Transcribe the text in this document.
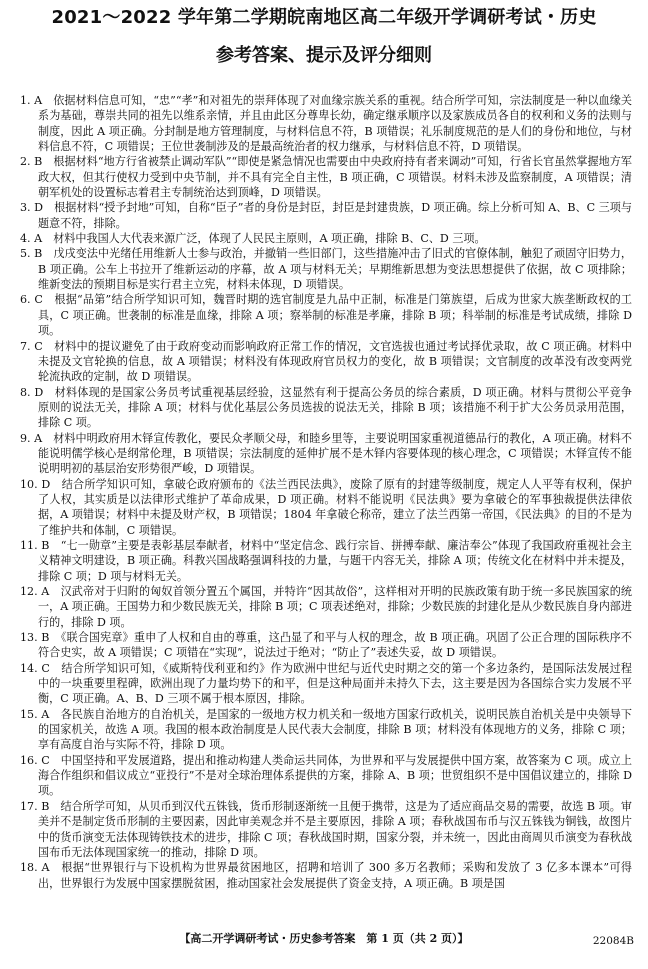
2021～2022 学年第二学期皖南地区高二年级开学调研考试・历史
参考答案、提示及评分细则

1. A　依据材料信息可知，“忠”“孝”和对祖先的崇拜体现了对血缘宗族关系的重视。结合所学可知，宗法制度是一种以血缘关系为基础，尊崇共同的祖先以维系亲情，并且由此区分尊卑长幼，确定继承顺序以及家族成员各自的权利和义务的法则与制度，因此 A 项正确。分封制是地方管理制度，与材料信息不符，B 项错误；礼乐制度规范的是人们的身份和地位，与材料信息不符，C 项错误；王位世袭制涉及的是最高统治者的权力继承，与材料信息不符，D 项错误。

2. B　根据材料“地方行省被禁止调动军队”“即使是紧急情况也需要由中央政府持有者来调动”可知，行省长官虽然掌握地方军政大权，但其行使权力受到中央节制，并不具有完全自主性，B 项正确，C 项错误。材料未涉及监察制度，A 项错误；清朝军机处的设置标志着君主专制统治达到顶峰，D 项错误。

3. D　根据材料“授予封地”可知，自称“臣子”者的身份是封臣，封臣是封建贵族，D 项正确。综上分析可知 A、B、C 三项与题意不符，排除。

4. A　材料中我国人大代表来源广泛，体现了人民民主原则，A 项正确，排除 B、C、D 三项。

5. B　戊戌变法中光绪任用维新人士参与政治，并撤销一些旧部门，这些措施冲击了旧式的官僚体制，触犯了顽固守旧势力，B 项正确。公车上书拉开了维新运动的序幕，故 A 项与材料无关；早期维新思想为变法思想提供了依据，故 C 项排除；维新变法的预期目标是实行君主立宪，材料未体现，D 项错误。

6. C　根据“品第”结合所学知识可知，魏晋时期的选官制度是九品中正制，标准是门第族望，后成为世家大族垄断政权的工具，C 项正确。世袭制的标准是血缘，排除 A 项；察举制的标准是孝廉，排除 B 项；科举制的标准是考试成绩，排除 D 项。

7. C　材料中的提议避免了由于政府变动而影响政府正常工作的情况，文官选拔也通过考试择优录取，故 C 项正确。材料中未提及文官轮换的信息，故 A 项错误；材料没有体现政府官员权力的变化，故 B 项错误；文官制度的改革没有改变两党轮流执政的定制，故 D 项错误。

8. D　材料体现的是国家公务员考试重视基层经验，这显然有利于提高公务员的综合素质，D 项正确。材料与贯彻公平竞争原则的说法无关，排除 A 项；材料与优化基层公务员选拔的说法无关，排除 B 项；该措施不利于扩大公务员录用范围，排除 C 项。

9. A　材料中明政府用木铎宣传教化，要民众孝顺父母，和睦乡里等，主要说明国家重视道德品行的教化，A 项正确。材料不能说明儒学核心是纲常伦理，B 项错误；宗法制度的延伸扩展不是木铎内容要体现的核心理念，C 项错误；木铎宣传不能说明明初的基层治安形势很严峻，D 项错误。

10. D　结合所学知识可知，拿破仑政府颁布的《法兰西民法典》，废除了原有的封建等级制度，规定人人平等有权利，保护了人权，其实质是以法律形式维护了革命成果，D 项正确。材料不能说明《民法典》要为拿破仑的军事独裁提供法律依据，A 项错误；材料中未提及财产权，B 项错误；1804 年拿破仑称帝，建立了法兰西第一帝国，《民法典》的目的不是为了维护共和体制，C 项错误。

11. B　“七一勋章”主要是表彰基层奉献者，材料中“坚定信念、践行宗旨、拼搏奉献、廉洁奉公”体现了我国政府重视社会主义精神文明建设，B 项正确。科教兴国战略强调科技的力量，与题干内容无关，排除 A 项；传统文化在材料中并未提及，排除 C 项；D 项与材料无关。

12. A　汉武帝对于归附的匈奴首领分置五个属国，并特许“因其故俗”，这样相对开明的民族政策有助于统一多民族国家的统一，A 项正确。王国势力和少数民族无关，排除 B 项；C 项表述绝对，排除；少数民族的封建化是从少数民族自身内部进行的，排除 D 项。

13. B　《联合国宪章》重申了人权和自由的尊重，这凸显了和平与人权的理念，故 B 项正确。巩固了公正合理的国际秩序不符合史实，故 A 项错误；C 项错在“实现”，说法过于绝对；“防止了”表述失妥，故 D 项错误。

14. C　结合所学知识可知，《威斯特伐利亚和约》作为欧洲中世纪与近代史时期之交的第一个多边条约，是国际法发展过程中的一块重要里程碑，欧洲出现了力量均势下的和平，但是这种局面并未持久下去，这主要是因为各国综合实力发展不平衡，C 项正确。A、B、D 三项不属于根本原因，排除。

15. A　各民族自治地方的自治机关，是国家的一级地方权力机关和一级地方国家行政机关，说明民族自治机关是中央领导下的国家机关，故选 A 项。我国的根本政治制度是人民代表大会制度，排除 B 项；材料没有体现地方的义务，排除 C 项；享有高度自治与实际不符，排除 D 项。

16. C　中国坚持和平发展道路，提出和推动构建人类命运共同体，为世界和平与发展提供中国方案，故答案为 C 项。成立上海合作组织和倡议成立“亚投行”不是对全球治理体系提供的方案，排除 A、B 项；世贸组织不是中国倡议建立的，排除 D 项。

17. B　结合所学可知，从贝币到汉代五铢钱，货币形制逐渐统一且便于携带，这是为了适应商品交易的需要，故选 B 项。审美并不是制定货币形制的主要因素，因此审美观念并不是主要原因，排除 A 项；春秋战国布币与汉五铢钱为铜钱，故图片中的货币演变无法体现铸铁技术的进步，排除 C 项；春秋战国时期，国家分裂，并未统一，因此由商周贝币演变为春秋战国布币无法体现国家统一的推动，排除 D 项。

18. A　根据“世界银行与下设机构为世界最贫困地区，招聘和培训了 300 多万名教师；采购和发放了 3 亿多本课本”可得出，世界银行为发展中国家摆脱贫困，推动国家社会发展提供了资金支持，A 项正确。B 项是国

【高二开学调研考试・历史参考答案　第 1 页（共 2 页）】	22084B
